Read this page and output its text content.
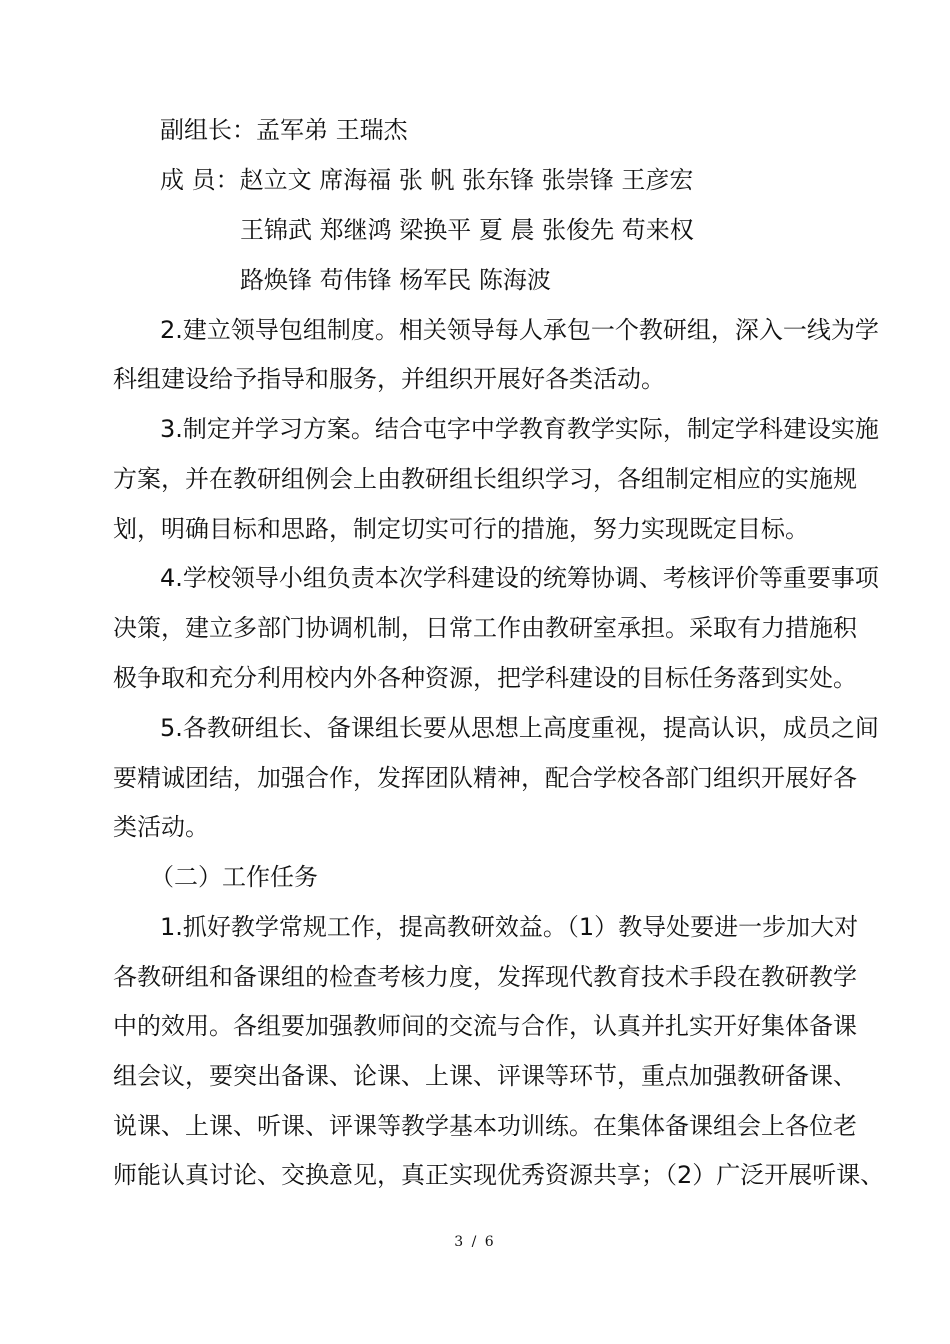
副组长：孟军弟 王瑞杰
成 员：赵立文 席海福 张 帆 张东锋 张崇锋 王彦宏
王锦武 郑继鸿 梁换平 夏 晨 张俊先 苟来权
路焕锋 苟伟锋 杨军民 陈海波
2.建立领导包组制度。相关领导每人承包一个教研组，深入一线为学
科组建设给予指导和服务，并组织开展好各类活动。
3.制定并学习方案。结合屯字中学教育教学实际，制定学科建设实施
方案，并在教研组例会上由教研组长组织学习，各组制定相应的实施规
划，明确目标和思路，制定切实可行的措施，努力实现既定目标。
4.学校领导小组负责本次学科建设的统筹协调、考核评价等重要事项
决策，建立多部门协调机制，日常工作由教研室承担。采取有力措施积
极争取和充分利用校内外各种资源，把学科建设的目标任务落到实处。
5.各教研组长、备课组长要从思想上高度重视，提高认识，成员之间
要精诚团结，加强合作，发挥团队精神，配合学校各部门组织开展好各
类活动。
（二）工作任务
1.抓好教学常规工作，提高教研效益。（1）教导处要进一步加大对
各教研组和备课组的检查考核力度，发挥现代教育技术手段在教研教学
中的效用。各组要加强教师间的交流与合作，认真并扎实开好集体备课
组会议，要突出备课、论课、上课、评课等环节，重点加强教研备课、
说课、上课、听课、评课等教学基本功训练。在集体备课组会上各位老
师能认真讨论、交换意见，真正实现优秀资源共享；（2）广泛开展听课、
3 / 6
